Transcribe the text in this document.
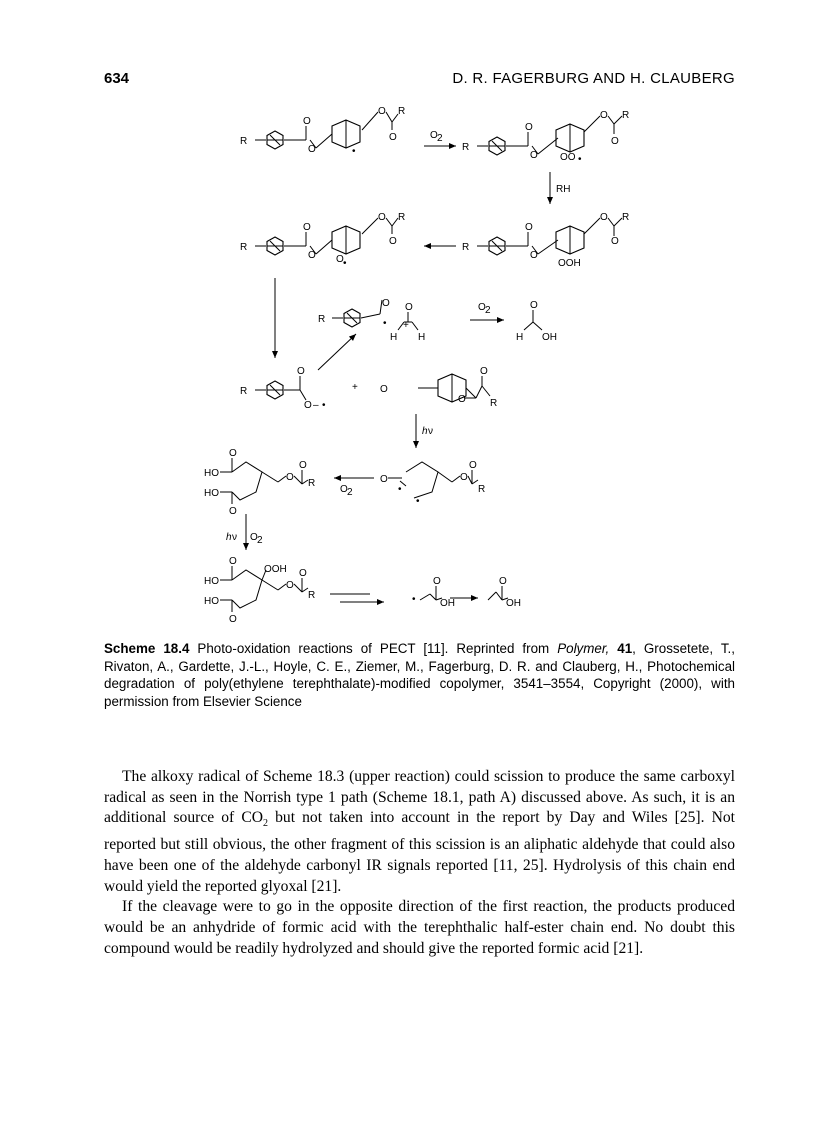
634	D. R. FAGERBURG AND H. CLAUBERG
R
O
O	•
O R
O	O 2
R
O
O OO •
O R
O
RH
R
O
O O •
O R
O
R
O
O
OOH
O R
O
R
O
• +
O
H H
O 2	O
H OH
R
O
O – •
+ O
O
O R
h ν
HO
O
HO
O
O
O
R
O 2
O
•
•
O
O
R
h ν O 2
HO
O
HO
O
OOH
O
O
R	•
O
OH
O
OH
Scheme 18.4 Photo-oxidation reactions of PECT [11]. Reprinted from Polymer, 41, Grossetete, T., Rivaton, A., Gardette, J.-L., Hoyle, C. E., Ziemer, M., Fagerburg, D. R. and Clauberg, H., Photochemical degradation of poly(ethylene terephthalate)-modified copolymer, 3541–3554, Copyright (2000), with permission from Elsevier Science

The alkoxy radical of Scheme 18.3 (upper reaction) could scission to produce the same carboxyl radical as seen in the Norrish type 1 path (Scheme 18.1, path A) discussed above. As such, it is an additional source of $CO_2$ but not taken into account in the report by Day and Wiles [25]. Not reported but still obvious, the other fragment of this scission is an aliphatic aldehyde that could also have been one of the aldehyde carbonyl IR signals reported [11, 25]. Hydrolysis of this chain end would yield the reported glyoxal [21].

If the cleavage were to go in the opposite direction of the first reaction, the products produced would be an anhydride of formic acid with the terephthalic half-ester chain end. No doubt this compound would be readily hydrolyzed and should give the reported formic acid [21].
